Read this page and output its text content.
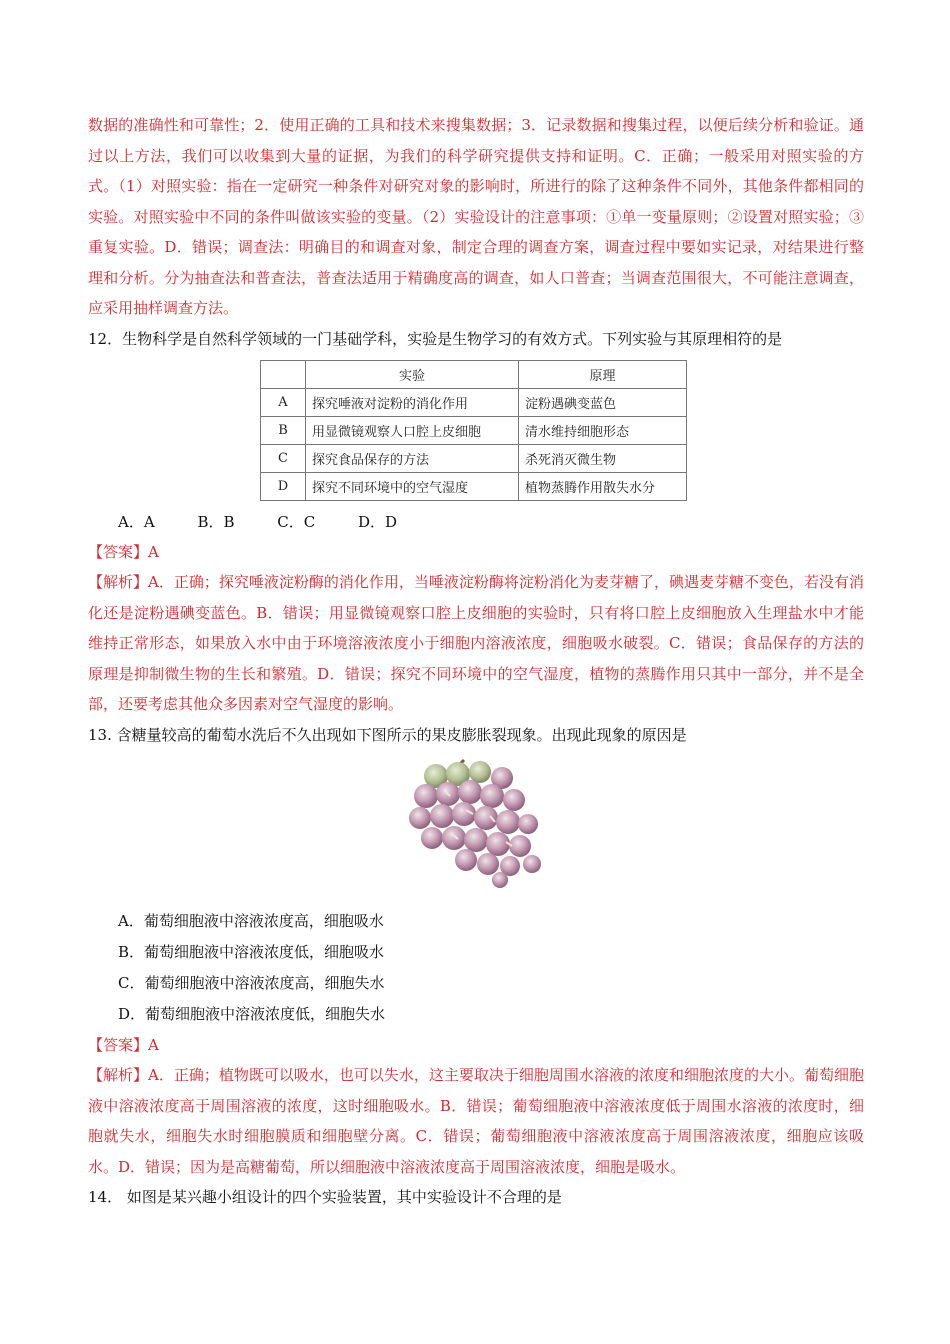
数据的准确性和可靠性；2．使用正确的工具和技术来搜集数据；3．记录数据和搜集过程，以便后续分析和验证。通过以上方法，我们可以收集到大量的证据，为我们的科学研究提供支持和证明。C．正确；一般采用对照实验的方式。（1）对照实验：指在一定研究一种条件对研究对象的影响时，所进行的除了这种条件不同外，其他条件都相同的实验。对照实验中不同的条件叫做该实验的变量。（2）实验设计的注意事项：①单一变量原则；②设置对照实验；③重复实验。D．错误；调查法：明确目的和调查对象，制定合理的调查方案，调查过程中要如实记录，对结果进行整理和分析。分为抽查法和普查法，普查法适用于精确度高的调查，如人口普查；当调查范围很大，不可能注意调查，应采用抽样调查方法。

12．生物科学是自然科学领域的一门基础学科，实验是生物学习的有效方式。下列实验与其原理相符的是

	实验	原理
A	探究唾液对淀粉的消化作用	淀粉遇碘变蓝色
B	用显微镜观察人口腔上皮细胞	清水维持细胞形态
C	探究食品保存的方法	杀死消灭微生物
D	探究不同环境中的空气湿度	植物蒸腾作用散失水分

A．A	B．B	C．C	D．D

【答案】A

【解析】A．正确；探究唾液淀粉酶的消化作用，当唾液淀粉酶将淀粉消化为麦芽糖了，碘遇麦芽糖不变色，若没有消化还是淀粉遇碘变蓝色。B．错误；用显微镜观察口腔上皮细胞的实验时，只有将口腔上皮细胞放入生理盐水中才能维持正常形态，如果放入水中由于环境溶液浓度小于细胞内溶液浓度，细胞吸水破裂。C．错误；食品保存的方法的原理是抑制微生物的生长和繁殖。D．错误；探究不同环境中的空气湿度，植物的蒸腾作用只其中一部分，并不是全部，还要考虑其他众多因素对空气湿度的影响。

13. 含糖量较高的葡萄水洗后不久出现如下图所示的果皮膨胀裂现象。出现此现象的原因是

A．葡萄细胞液中溶液浓度高，细胞吸水

B．葡萄细胞液中溶液浓度低，细胞吸水

C．葡萄细胞液中溶液浓度高，细胞失水

D．葡萄细胞液中溶液浓度低，细胞失水

【答案】A

【解析】A．正确；植物既可以吸水，也可以失水，这主要取决于细胞周围水溶液的浓度和细胞浓度的大小。葡萄细胞液中溶液浓度高于周围溶液的浓度，这时细胞吸水。B．错误；葡萄细胞液中溶液浓度低于周围水溶液的浓度时，细胞就失水，细胞失水时细胞膜质和细胞壁分离。C．错误；葡萄细胞液中溶液浓度高于周围溶液浓度，细胞应该吸水。D．错误；因为是高糖葡萄，所以细胞液中溶液浓度高于周围溶液浓度，细胞是吸水。

14． 如图是某兴趣小组设计的四个实验装置，其中实验设计不合理的是
